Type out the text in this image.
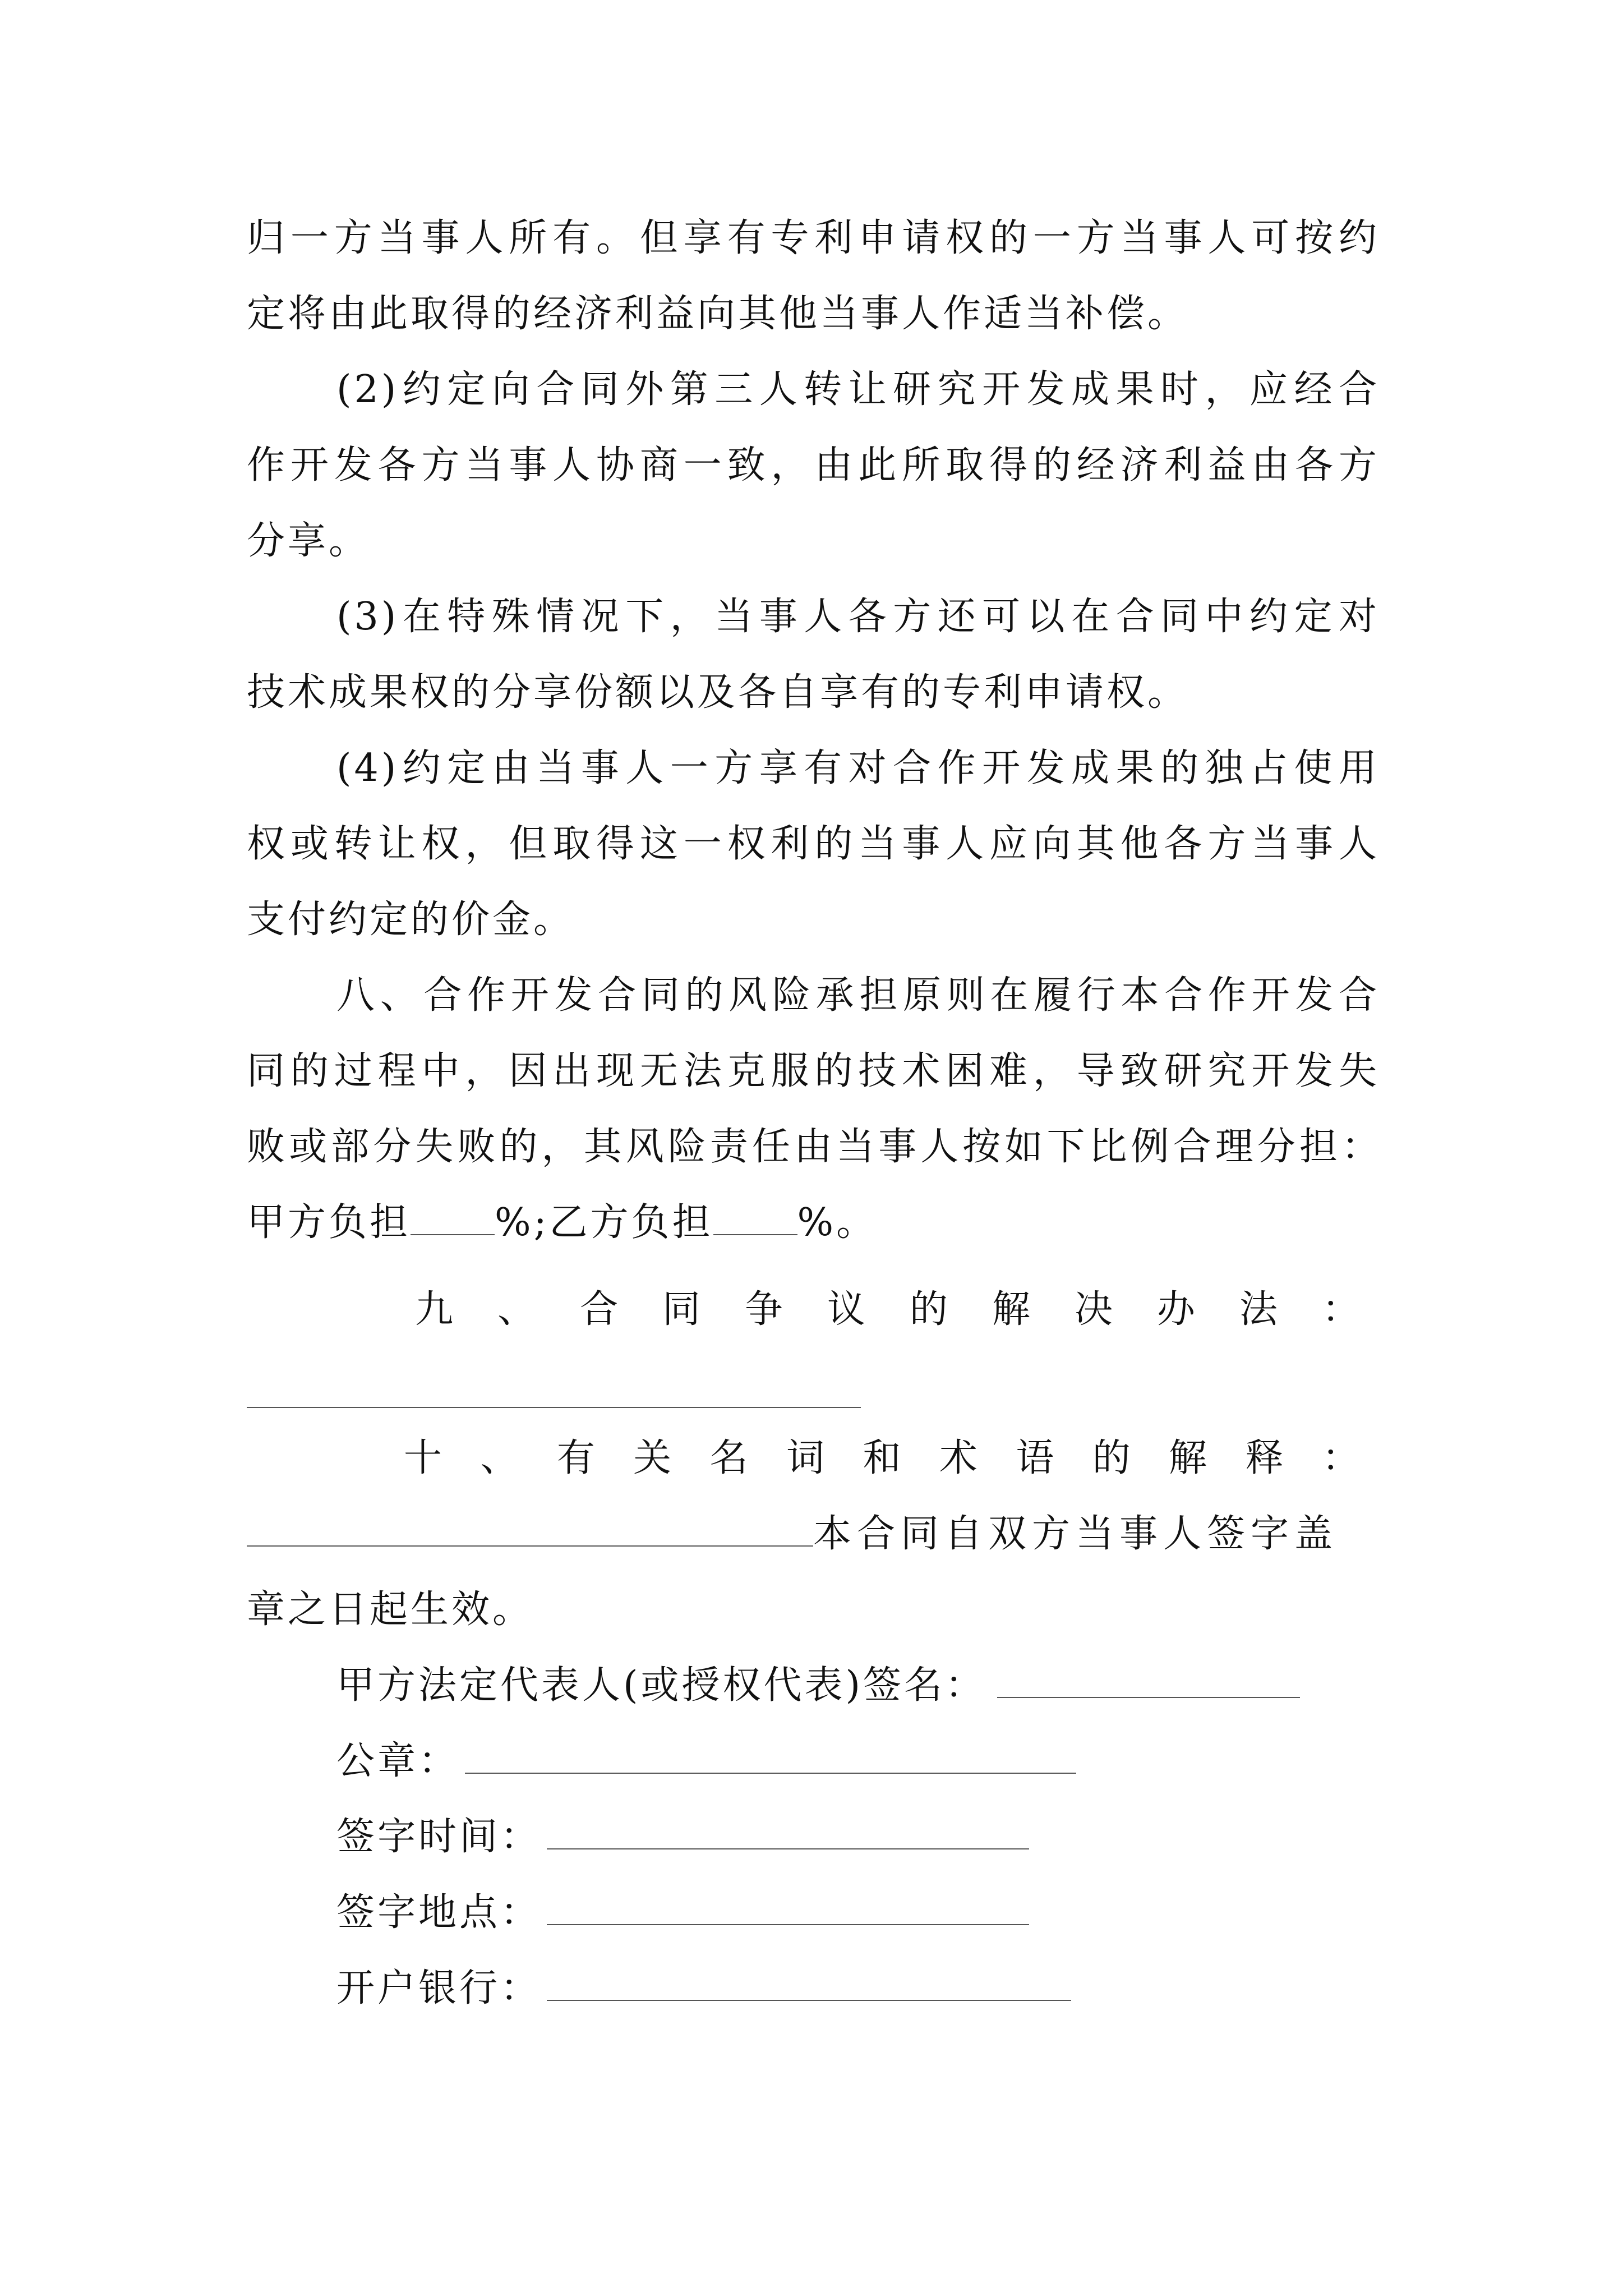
归一方当事人所有。但享有专利申请权的一方当事人可按约
定将由此取得的经济利益向其他当事人作适当补偿。
(2)约定向合同外第三人转让研究开发成果时，应经合
作开发各方当事人协商一致，由此所取得的经济利益由各方
分享。
(3)在特殊情况下，当事人各方还可以在合同中约定对
技术成果权的分享份额以及各自享有的专利申请权。
(4)约定由当事人一方享有对合作开发成果的独占使用
权或转让权，但取得这一权利的当事人应向其他各方当事人
支付约定的价金。
八、合作开发合同的风险承担原则在履行本合作开发合
同的过程中，因出现无法克服的技术困难，导致研究开发失
败或部分失败的，其风险责任由当事人按如下比例合理分担：
甲方负担 %;乙方负担 %。
九、合同争议的解决办法：
十、有关名词和术语的解释：
本合同自双方当事人签字盖
章之日起生效。
甲方法定代表人(或授权代表)签名：
公章：
签字时间：
签字地点：
开户银行：
